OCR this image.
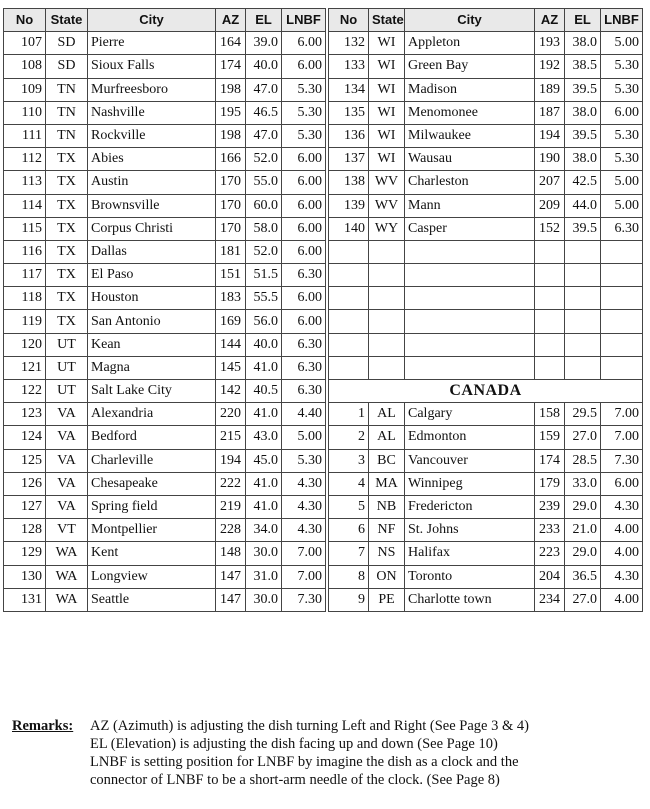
No	State	City	AZ	EL	LNBF
107	SD	Pierre	164	39.0	6.00
108	SD	Sioux Falls	174	40.0	6.00
109	TN	Murfreesboro	198	47.0	5.30
110	TN	Nashville	195	46.5	5.30
111	TN	Rockville	198	47.0	5.30
112	TX	Abies	166	52.0	6.00
113	TX	Austin	170	55.0	6.00
114	TX	Brownsville	170	60.0	6.00
115	TX	Corpus Christi	170	58.0	6.00
116	TX	Dallas	181	52.0	6.00
117	TX	El Paso	151	51.5	6.30
118	TX	Houston	183	55.5	6.00
119	TX	San Antonio	169	56.0	6.00
120	UT	Kean	144	40.0	6.30
121	UT	Magna	145	41.0	6.30
122	UT	Salt Lake City	142	40.5	6.30
123	VA	Alexandria	220	41.0	4.40
124	VA	Bedford	215	43.0	5.00
125	VA	Charleville	194	45.0	5.30
126	VA	Chesapeake	222	41.0	4.30
127	VA	Spring field	219	41.0	4.30
128	VT	Montpellier	228	34.0	4.30
129	WA	Kent	148	30.0	7.00
130	WA	Longview	147	31.0	7.00
131	WA	Seattle	147	30.0	7.30
No	State	City	AZ	EL	LNBF
132	WI	Appleton	193	38.0	5.00
133	WI	Green Bay	192	38.5	5.30
134	WI	Madison	189	39.5	5.30
135	WI	Menomonee	187	38.0	6.00
136	WI	Milwaukee	194	39.5	5.30
137	WI	Wausau	190	38.0	5.30
138	WV	Charleston	207	42.5	5.00
139	WV	Mann	209	44.0	5.00
140	WY	Casper	152	39.5	6.30

CANADA					
1	AL	Calgary	158	29.5	7.00
2	AL	Edmonton	159	27.0	7.00
3	BC	Vancouver	174	28.5	7.30
4	MA	Winnipeg	179	33.0	6.00
5	NB	Fredericton	239	29.0	4.30
6	NF	St. Johns	233	21.0	4.00
7	NS	Halifax	223	29.0	4.00
8	ON	Toronto	204	36.5	4.30
9	PE	Charlotte town	234	27.0	4.00
Remarks:	AZ (Azimuth) is adjusting the dish turning Left and Right (See Page 3 & 4)
EL (Elevation) is adjusting the dish facing up and down (See Page 10)
LNBF is setting position for LNBF by imagine the dish as a clock and the
connector of LNBF to be a short-arm needle of the clock. (See Page 8)
